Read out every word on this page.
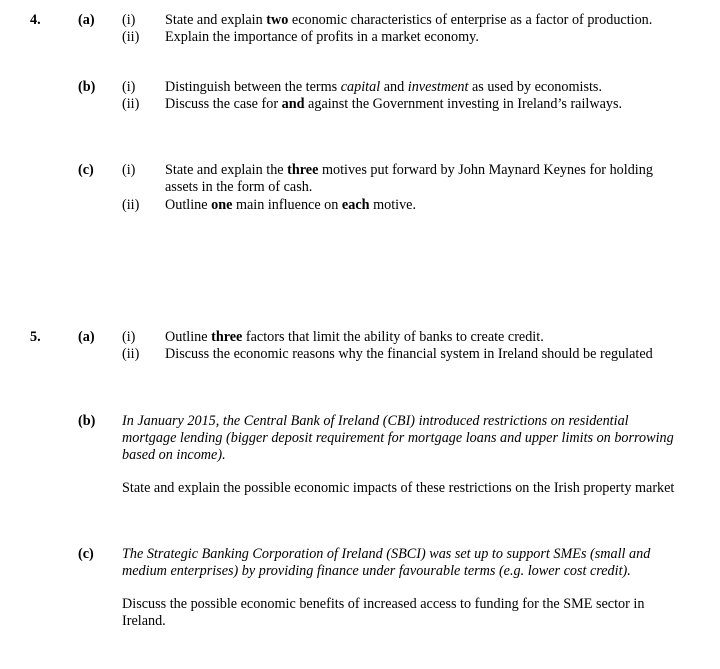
4.	(a) (i) State and explain two economic characteristics of enterprise as a factor of production.
(ii) Explain the importance of profits in a market economy.
(b) (i) Distinguish between the terms capital and investment as used by economists.
(ii) Discuss the case for and against the Government investing in Ireland’s railways.
(c) (i) State and explain the three motives put forward by John Maynard Keynes for holding
assets in the form of cash.
(ii) Outline one main influence on each motive.
5.	(a) (i) Outline three factors that limit the ability of banks to create credit.
(ii) Discuss the economic reasons why the financial system in Ireland should be regulated
(b) In January 2015, the Central Bank of Ireland (CBI) introduced restrictions on residential
mortgage lending (bigger deposit requirement for mortgage loans and upper limits on borrowing
based on income).
State and explain the possible economic impacts of these restrictions on the Irish property market
(c) The Strategic Banking Corporation of Ireland (SBCI) was set up to support SMEs (small and
medium enterprises) by providing finance under favourable terms (e.g. lower cost credit).
Discuss the possible economic benefits of increased access to funding for the SME sector in
Ireland.
